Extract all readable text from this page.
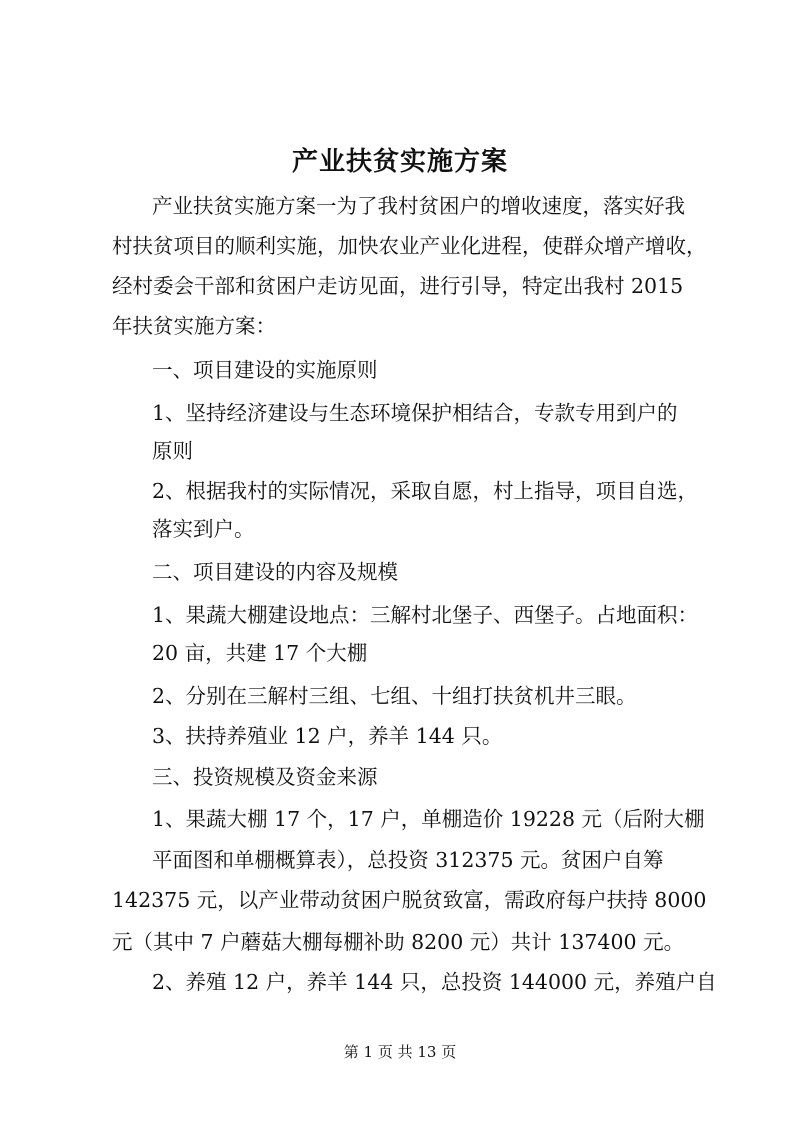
产业扶贫实施方案
产业扶贫实施方案一为了我村贫困户的增收速度，落实好我
村扶贫项目的顺利实施，加快农业产业化进程，使群众增产增收，
经村委会干部和贫困户走访见面，进行引导，特定出我村 2015
年扶贫实施方案：
一、项目建设的实施原则
1、坚持经济建设与生态环境保护相结合，专款专用到户的
原则
2、根据我村的实际情况，采取自愿，村上指导，项目自选，
落实到户。
二、项目建设的内容及规模
1、果蔬大棚建设地点：三解村北堡子、西堡子。占地面积：
20 亩，共建 17 个大棚
2、分别在三解村三组、七组、十组打扶贫机井三眼。
3、扶持养殖业 12 户，养羊 144 只。
三、投资规模及资金来源
1、果蔬大棚 17 个，17 户，单棚造价 19228 元（后附大棚
平面图和单棚概算表），总投资 312375 元。贫困户自筹
142375 元，以产业带动贫困户脱贫致富，需政府每户扶持 8000
元（其中 7 户蘑菇大棚每棚补助 8200 元）共计 137400 元。
2、养殖 12 户，养羊 144 只，总投资 144000 元，养殖户自
第 1 页 共 13 页
